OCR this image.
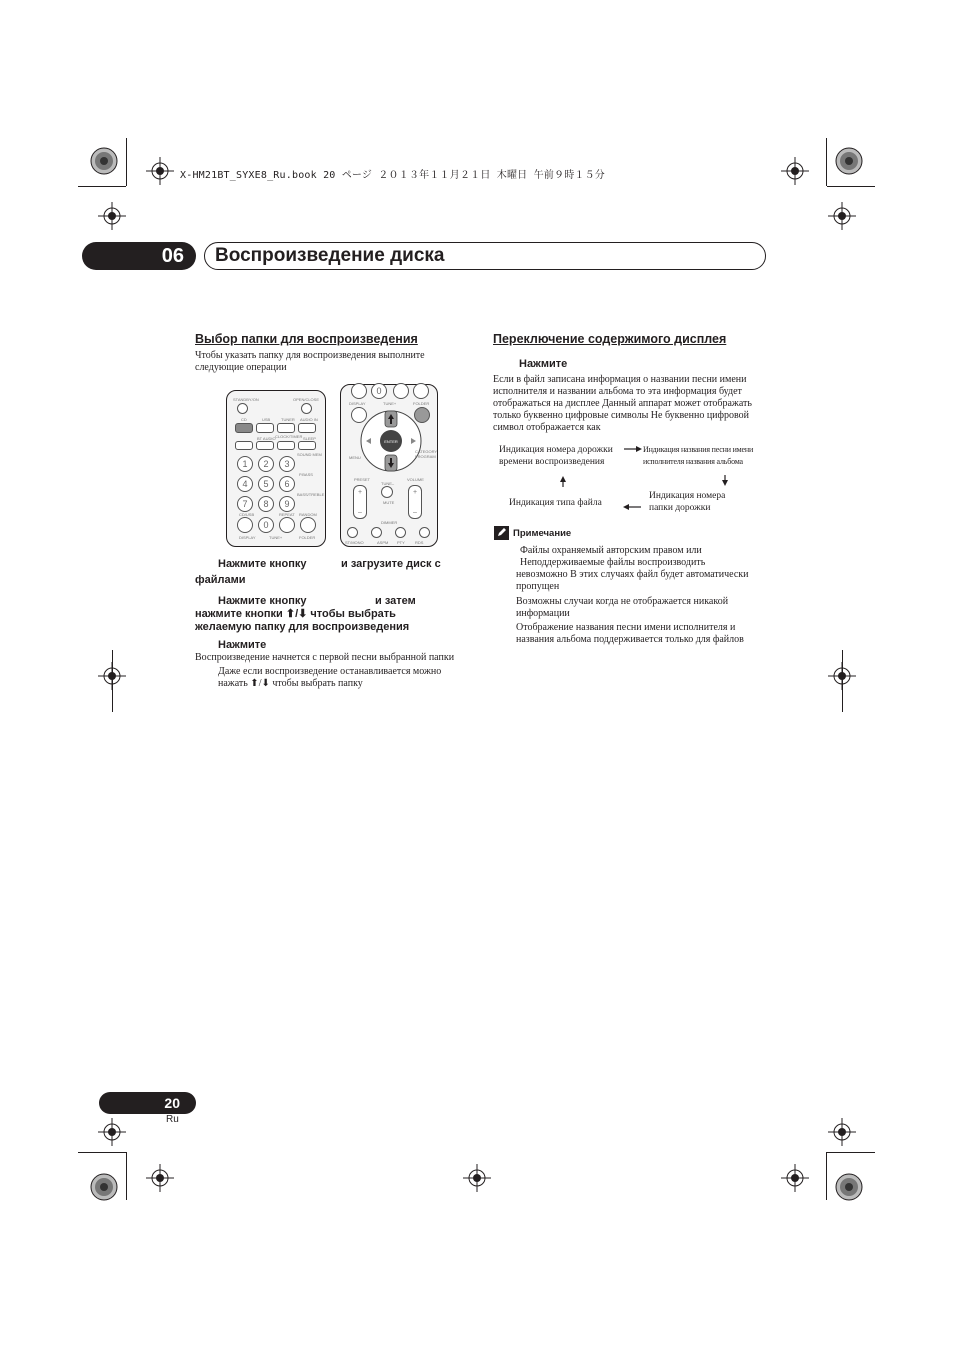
X-HM21BT_SYXE8_Ru.book 20 ページ ２０１３年１１月２１日 木曜日 午前９時１５分
06	Воспроизведение диска
Выбор папки для воспроизведения
Чтобы указать папку для воспроизведения выполните
следующие операции
STANDBY/ON	OPEN/CLOSE
CD	USB	TUNER AUDIO IN
BT AUDIO CLOCK/TIMER SLEEP
SOUND MEM
1	2	3
P.BASS
4	5	6
BASS/TREBLE
7	8	9
CD/USB	REPEAT RANDOM
0
DISPLAY	TUNE+	FOLDER
0
DISPLAY	TUNE+	FOLDER
ENTER
MENU
CATEGORY PROGRAM
PRESET
TUNE–
VOLUME
+	+
MUTE
–	–
DIMMER
ST/MONO	ASPM PTY	RDS
Нажмите кнопку	и загрузите диск с
файлами
Нажмите кнопку	и затем
нажмите кнопки ⬆/⬇ чтобы выбрать
желаемую папку для воспроизведения
Нажмите
Воспроизведение начнется с первой песни выбранной папки
Даже если воспроизведение останавливается можно
нажать ⬆/⬇ чтобы выбрать папку
Переключение содержимого дисплея
Нажмите
Если в файл записана информация о названии песни имени
исполнителя и названии альбома то эта информация будет
отображаться на дисплее Данный аппарат может отображать
только буквенно цифровые символы Не буквенно цифровой
символ отображается как
Индикация номера дорожки
времени воспроизведения
Индикация названия песни имени
исполнителя названия альбома
Индикация типа файла
Индикация номера
папки дорожки
Примечание
Файлы охраняемый авторским правом или
Неподдерживаемые файлы воспроизводить
невозможно В этих случаях файл будет автоматически
пропущен
Возможны случаи когда не отображается никакой
информации
Отображение названия песни имени исполнителя и
названия альбома поддерживается только для файлов
20
Ru
